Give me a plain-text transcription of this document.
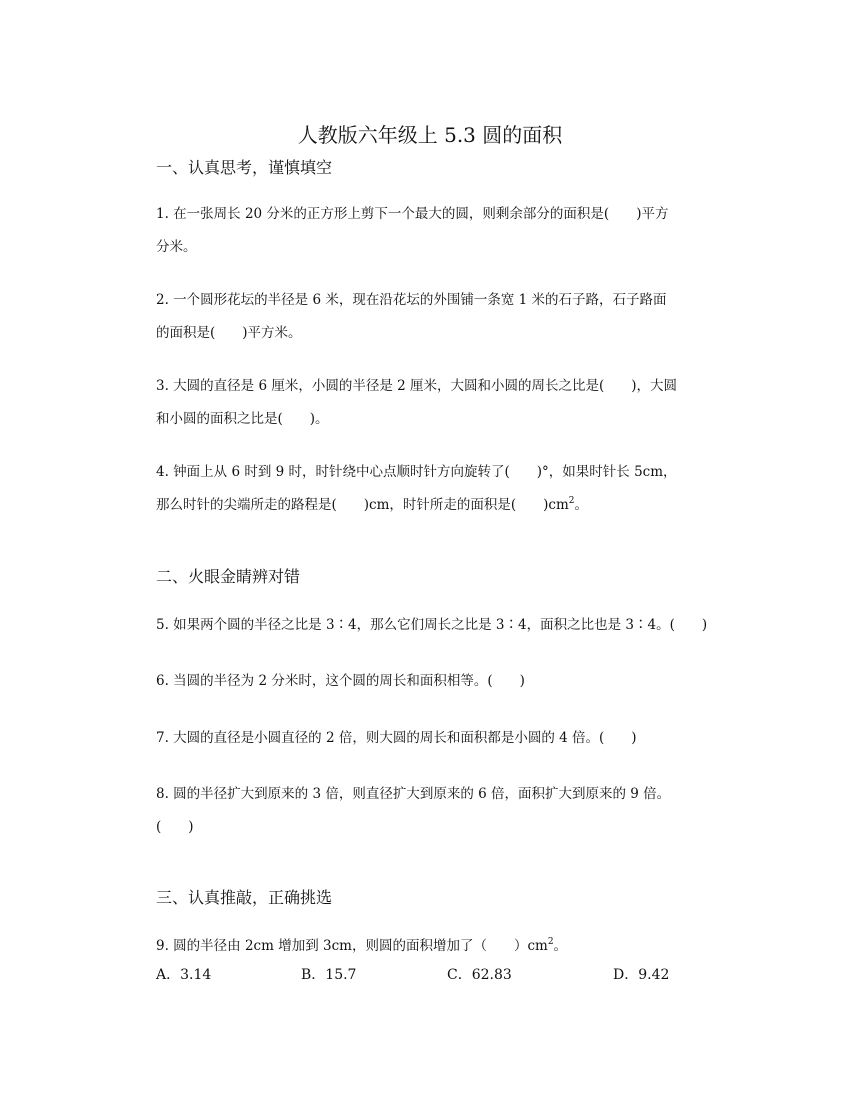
人教版六年级上 5.3 圆的面积
一、认真思考，谨慎填空
1. 在一张周长 20 分米的正方形上剪下一个最大的圆，则剩余部分的面积是(　　)平方
分米。
2. 一个圆形花坛的半径是 6 米，现在沿花坛的外围铺一条宽 1 米的石子路，石子路面
的面积是(　　)平方米。
3. 大圆的直径是 6 厘米，小圆的半径是 2 厘米，大圆和小圆的周长之比是(　　)，大圆
和小圆的面积之比是(　　)。
4. 钟面上从 6 时到 9 时，时针绕中心点顺时针方向旋转了(　　)°，如果时针长 5cm，
那么时针的尖端所走的路程是(　　)cm，时针所走的面积是(　　)$cm^2$。
二、火眼金睛辨对错
5. 如果两个圆的半径之比是 3∶4，那么它们周长之比是 3∶4，面积之比也是 3∶4。(　　)
6. 当圆的半径为 2 分米时，这个圆的周长和面积相等。(　　)
7. 大圆的直径是小圆直径的 2 倍，则大圆的周长和面积都是小圆的 4 倍。(　　)
8. 圆的半径扩大到原来的 3 倍，则直径扩大到原来的 6 倍，面积扩大到原来的 9 倍。
(　　)
三、认真推敲，正确挑选
9. 圆的半径由 2cm 增加到 3cm，则圆的面积增加了（　　）$cm^2$。
A．3.14	B．15.7	C．62.83	D．9.42
